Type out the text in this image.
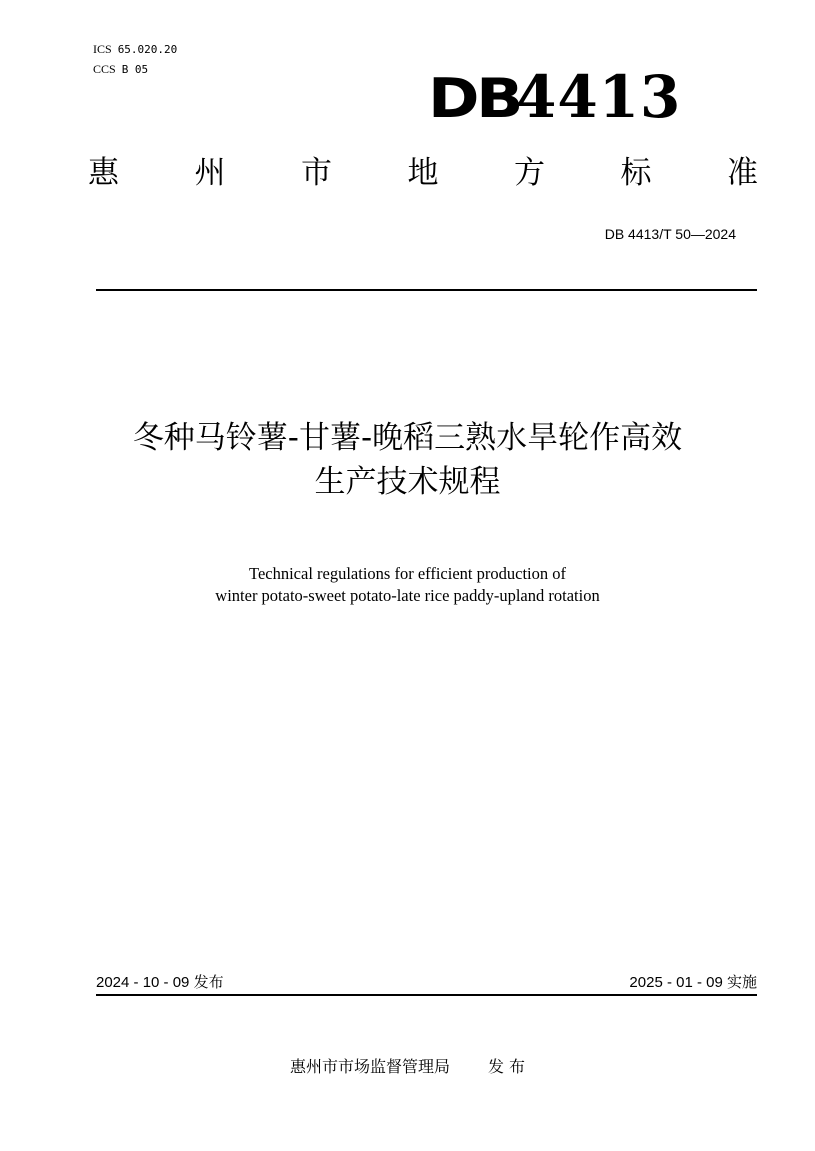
ICS 65.020.20
CCS B 05	DB
4413
惠 州 市 地 方 标 准
DB 4413/T 50—2024
冬种马铃薯-甘薯-晚稻三熟水旱轮作高效
生产技术规程
Technical regulations for efficient production of
winter potato-sweet potato-late rice paddy-upland rotation
2024 - 10 - 09 发布	2025 - 01 - 09 实施
惠州市市场监督管理局 发 布
